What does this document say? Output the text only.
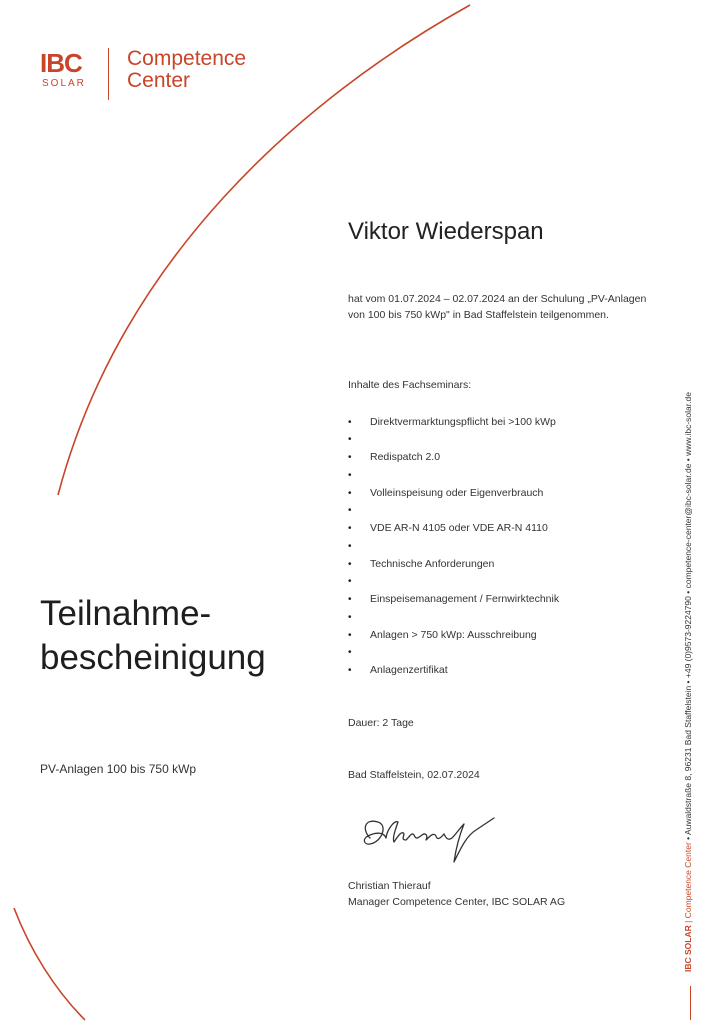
IBC
SOLAR
Competence
Center
Viktor Wiederspan
hat vom 01.07.2024 – 02.07.2024 an der Schulung „PV-Anlagen von 100 bis 750 kWp" in Bad Staffelstein teilgenommen.
Inhalte des Fachseminars:
• Direktvermarktungspflicht bei >100 kWp
•
• Redispatch 2.0
•
• Volleinspeisung oder Eigenverbrauch
•
• VDE AR-N 4105 oder VDE AR-N 4110
•
• Technische Anforderungen
•
• Einspeisemanagement / Fernwirktechnik
•
• Anlagen > 750 kWp: Ausschreibung
•
• Anlagenzertifikat
Teilnahme-
bescheinigung
PV-Anlagen 100 bis 750 kWp
Dauer: 2 Tage
Bad Staffelstein, 02.07.2024
Christian Thierauf
Manager Competence Center, IBC SOLAR AG
IBC SOLAR | Competence Center • Auwaldstraße 8, 96231 Bad Staffelstein • +49 (0)9573-9224790 • competence-center@ibc-solar.de • www.ibc-solar.de
